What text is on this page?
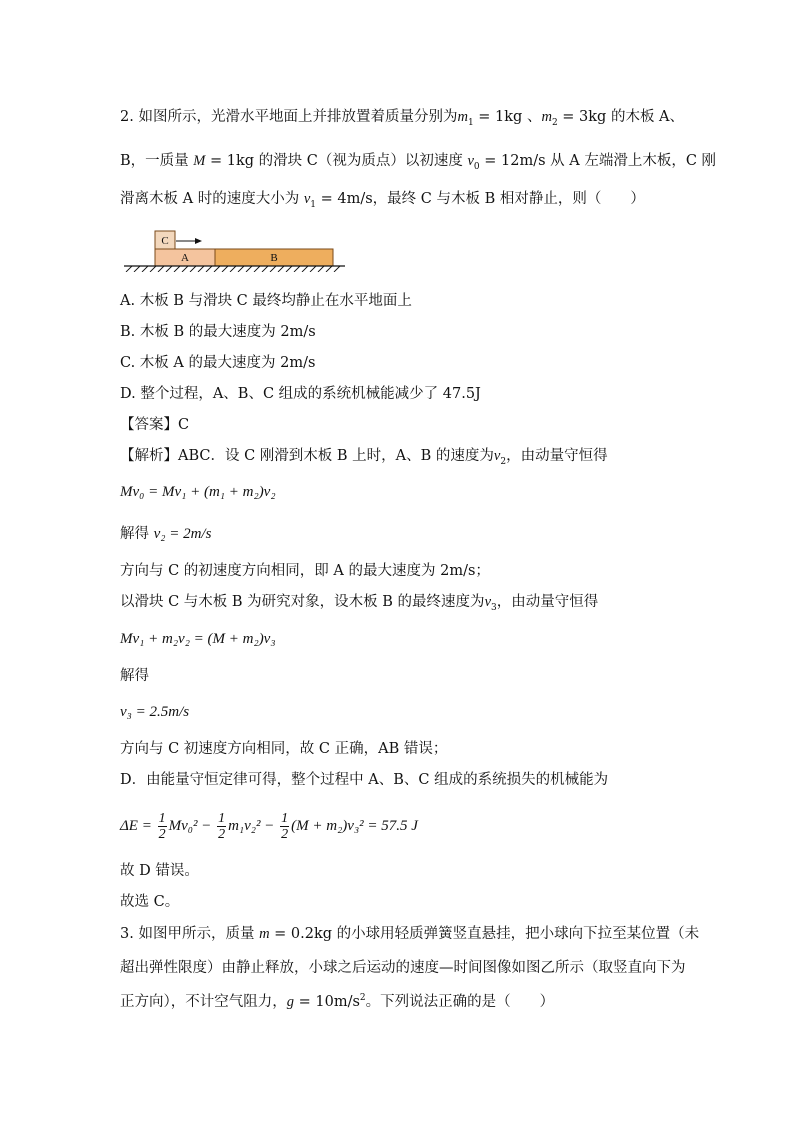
2. 如图所示，光滑水平地面上并排放置着质量分别为$m_1 = 1kg$ 、$m_2 = 3kg$ 的木板 A、
B，一质量 M = 1kg 的滑块 C（视为质点）以初速度 $v_0 = 12m/s$ 从 A 左端滑上木板，C 刚
滑离木板 A 时的速度大小为 $v_1 = 4m/s$，最终 C 与木板 B 相对静止，则（　　）
C
A	B
A. 木板 B 与滑块 C 最终均静止在水平地面上
B. 木板 B 的最大速度为 2m/s
C. 木板 A 的最大速度为 2m/s
D. 整个过程，A、B、C 组成的系统机械能减少了 47.5J
【答案】C
【解析】ABC．设 C 刚滑到木板 B 上时，A、B 的速度为$v_2$，由动量守恒得
Mv₀ = Mv₁ + (m₁ + m₂)v₂
解得 v₂ = 2m/s
方向与 C 的初速度方向相同，即 A 的最大速度为 2m/s；
以滑块 C 与木板 B 为研究对象，设木板 B 的最终速度为$v_3$，由动量守恒得
Mv₁ + m₂v₂ = (M + m₂)v₃
解得
v₃ = 2.5m/s
方向与 C 初速度方向相同，故 C 正确，AB 错误；
D．由能量守恒定律可得，整个过程中 A、B、C 组成的系统损失的机械能为
$\Delta E = \frac{1}{2} Mv_0^2 - \frac{1}{2} m_1v_2^2 - \frac{1}{2} (M + m_2)v_3^2 = 57.5$ J
故 D 错误。
故选 C。
3. 如图甲所示，质量 m = 0.2kg 的小球用轻质弹簧竖直悬挂，把小球向下拉至某位置（未
超出弹性限度）由静止释放，小球之后运动的速度—时间图像如图乙所示（取竖直向下为
正方向），不计空气阻力，$g = 10m/s^2$。下列说法正确的是（　　）
